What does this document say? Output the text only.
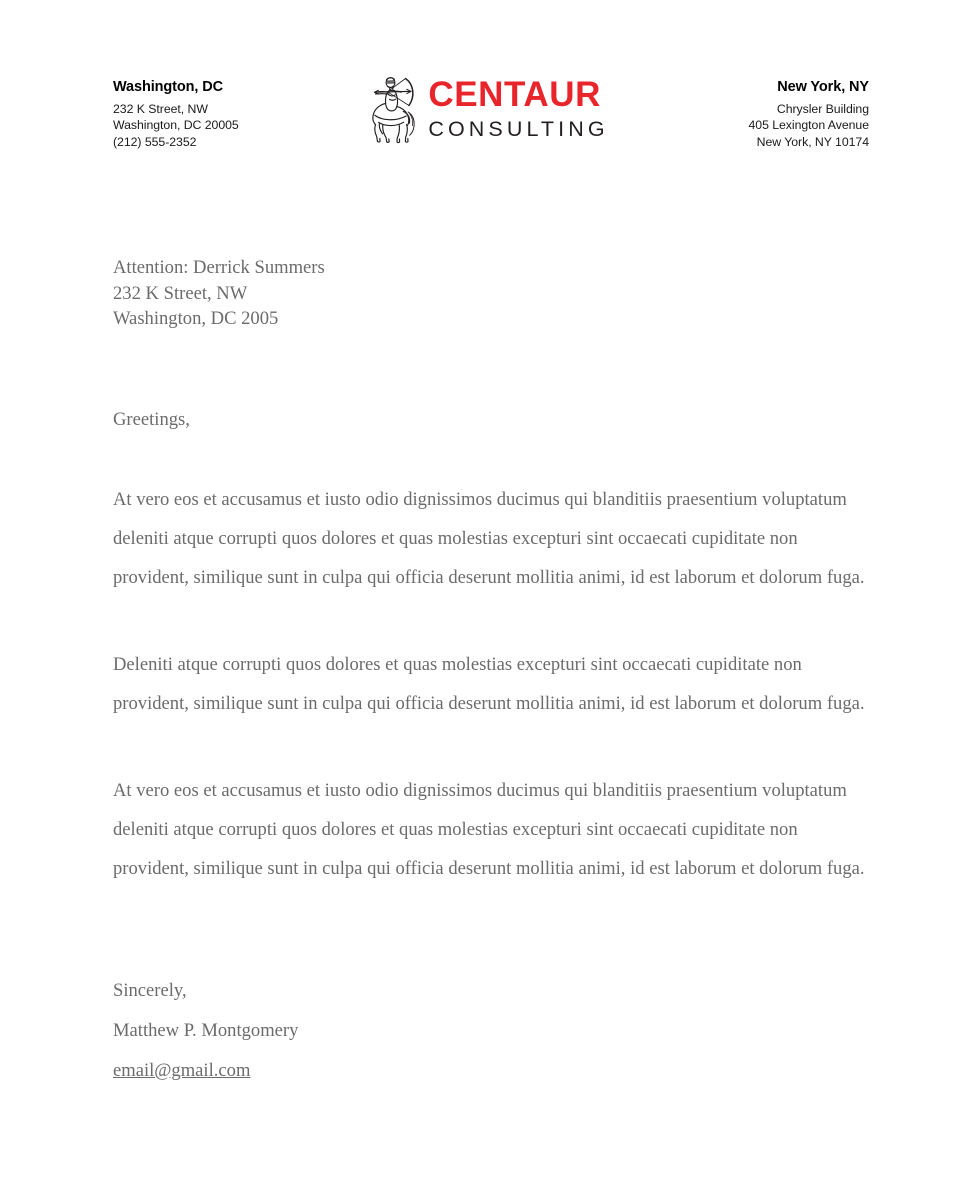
Washington, DC
232 K Street, NW
Washington, DC 20005
(212) 555-2352
CENTAUR
CONSULTING
New York, NY
Chrysler Building
405 Lexington Avenue
New York, NY 10174

Attention: Derrick Summers

232 K Street, NW

Washington, DC 2005

Greetings,

At vero eos et accusamus et iusto odio dignissimos ducimus qui blanditiis praesentium voluptatum deleniti atque corrupti quos dolores et quas molestias excepturi sint occaecati cupiditate non provident, similique sunt in culpa qui officia deserunt mollitia animi, id est laborum et dolorum fuga.

Deleniti atque corrupti quos dolores et quas molestias excepturi sint occaecati cupiditate non provident, similique sunt in culpa qui officia deserunt mollitia animi, id est laborum et dolorum fuga.

At vero eos et accusamus et iusto odio dignissimos ducimus qui blanditiis praesentium voluptatum deleniti atque corrupti quos dolores et quas molestias excepturi sint occaecati cupiditate non provident, similique sunt in culpa qui officia deserunt mollitia animi, id est laborum et dolorum fuga.

Sincerely,

Matthew P. Montgomery

email@gmail.com
